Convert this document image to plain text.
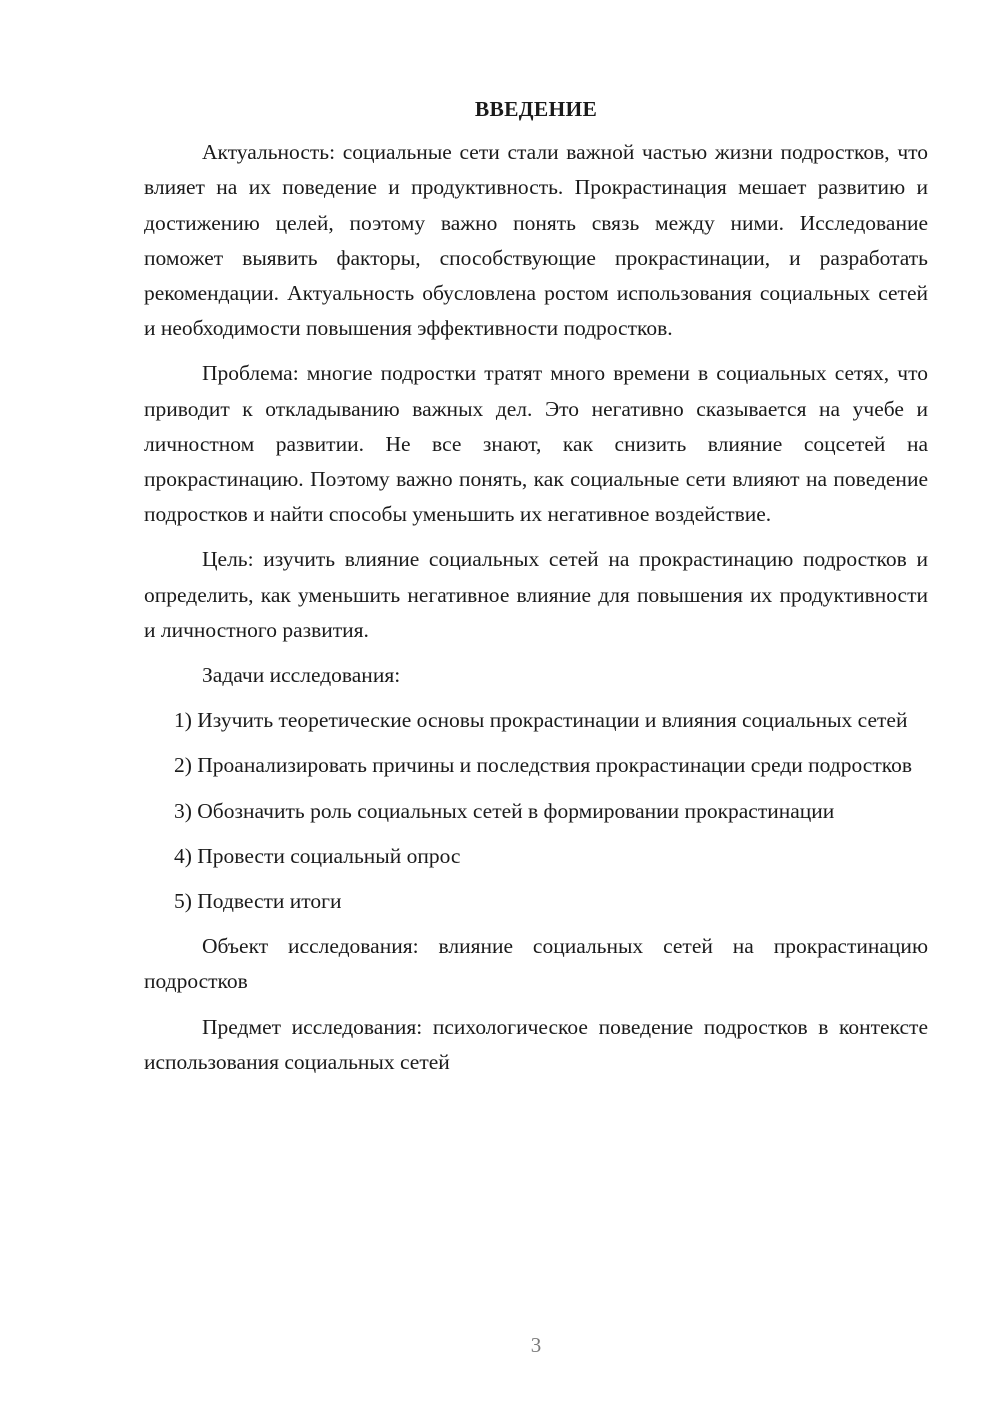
ВВЕДЕНИЕ

Актуальность: социальные сети стали важной частью жизни подростков, что влияет на их поведение и продуктивность. Прокрастинация мешает развитию и достижению целей, поэтому важно понять связь между ними. Исследование поможет выявить факторы, способствующие прокрастинации, и разработать рекомендации. Актуальность обусловлена ростом использования социальных сетей и необходимости повышения эффективности подростков.

Проблема: многие подростки тратят много времени в социальных сетях, что приводит к откладыванию важных дел. Это негативно сказывается на учебе и личностном развитии. Не все знают, как снизить влияние соцсетей на прокрастинацию. Поэтому важно понять, как социальные сети влияют на поведение подростков и найти способы уменьшить их негативное воздействие.

Цель: изучить влияние социальных сетей на прокрастинацию подростков и определить, как уменьшить негативное влияние для повышения их продуктивности и личностного развития.

Задачи исследования:

1) Изучить теоретические основы прокрастинации и влияния социальных сетей

2) Проанализировать причины и последствия прокрастинации среди подростков

3) Обозначить роль социальных сетей в формировании прокрастинации

4) Провести социальный опрос

5) Подвести итоги

Объект исследования: влияние социальных сетей на прокрастинацию подростков

Предмет исследования: психологическое поведение подростков в контексте использования социальных сетей

3
